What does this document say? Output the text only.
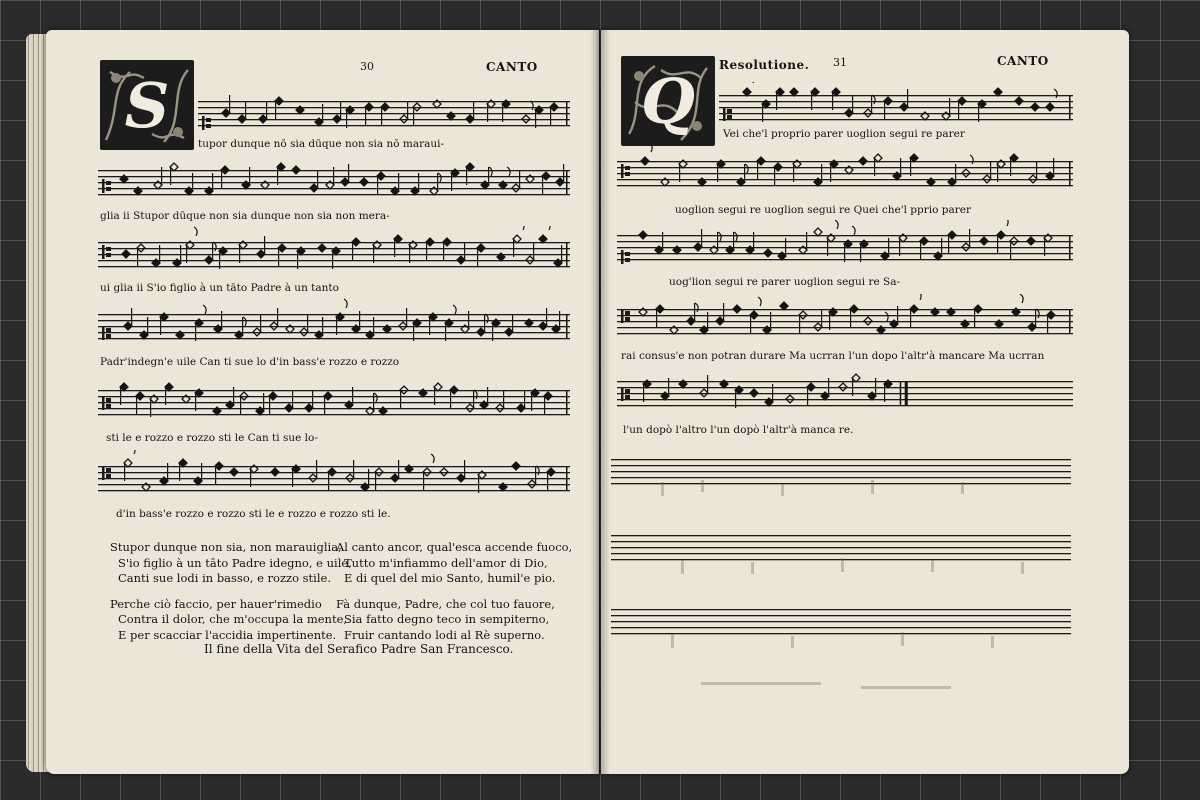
S
30	CANTO
tupor dunque nō sia dūque non sia nō maraui-
glia ii Stupor dūque non sia dunque non sia non mera-
ui glia ii S'io figlio à un tāto Padre à un tanto
Padr'indegn'e uile Can ti sue lo d'in bass'e rozzo e rozzo
sti le e rozzo e rozzo sti le Can ti sue lo-
d'in bass'e rozzo e rozzo sti le e rozzo e rozzo sti le.
Stupor dunque non sia, non marauiglia,
S'io figlio à un tāto Padre idegno, e uile,
Canti sue lodi in basso, e rozzo stile.
Perche ciò faccio, per hauer'rimedio
Contra il dolor, che m'occupa la mente,
E per scacciar l'accidia impertinente.
Al canto ancor, qual'esca accende fuoco,
Tutto m'infiammo dell'amor di Dio,
E di quel del mio Santo, humil'e pio.
Fà dunque, Padre, che col tuo fauore,
Sia fatto degno teco in sempiterno,
Fruir cantando lodi al Rè superno.
Il fine della Vita del Serafico Padre San Francesco.
Q Resolutione. 31	CANTO
Vei che'l proprio parer uoglion segui re parer
uoglion segui re uoglion segui re Quei che'l pprio parer
uog'lion segui re parer uoglion segui re Sa-
rai consus'e non potran durare Ma ucrran l'un dopo l'altr'à mancare Ma ucrran
l'un dopò l'altro l'un dopò l'altr'à manca re.
